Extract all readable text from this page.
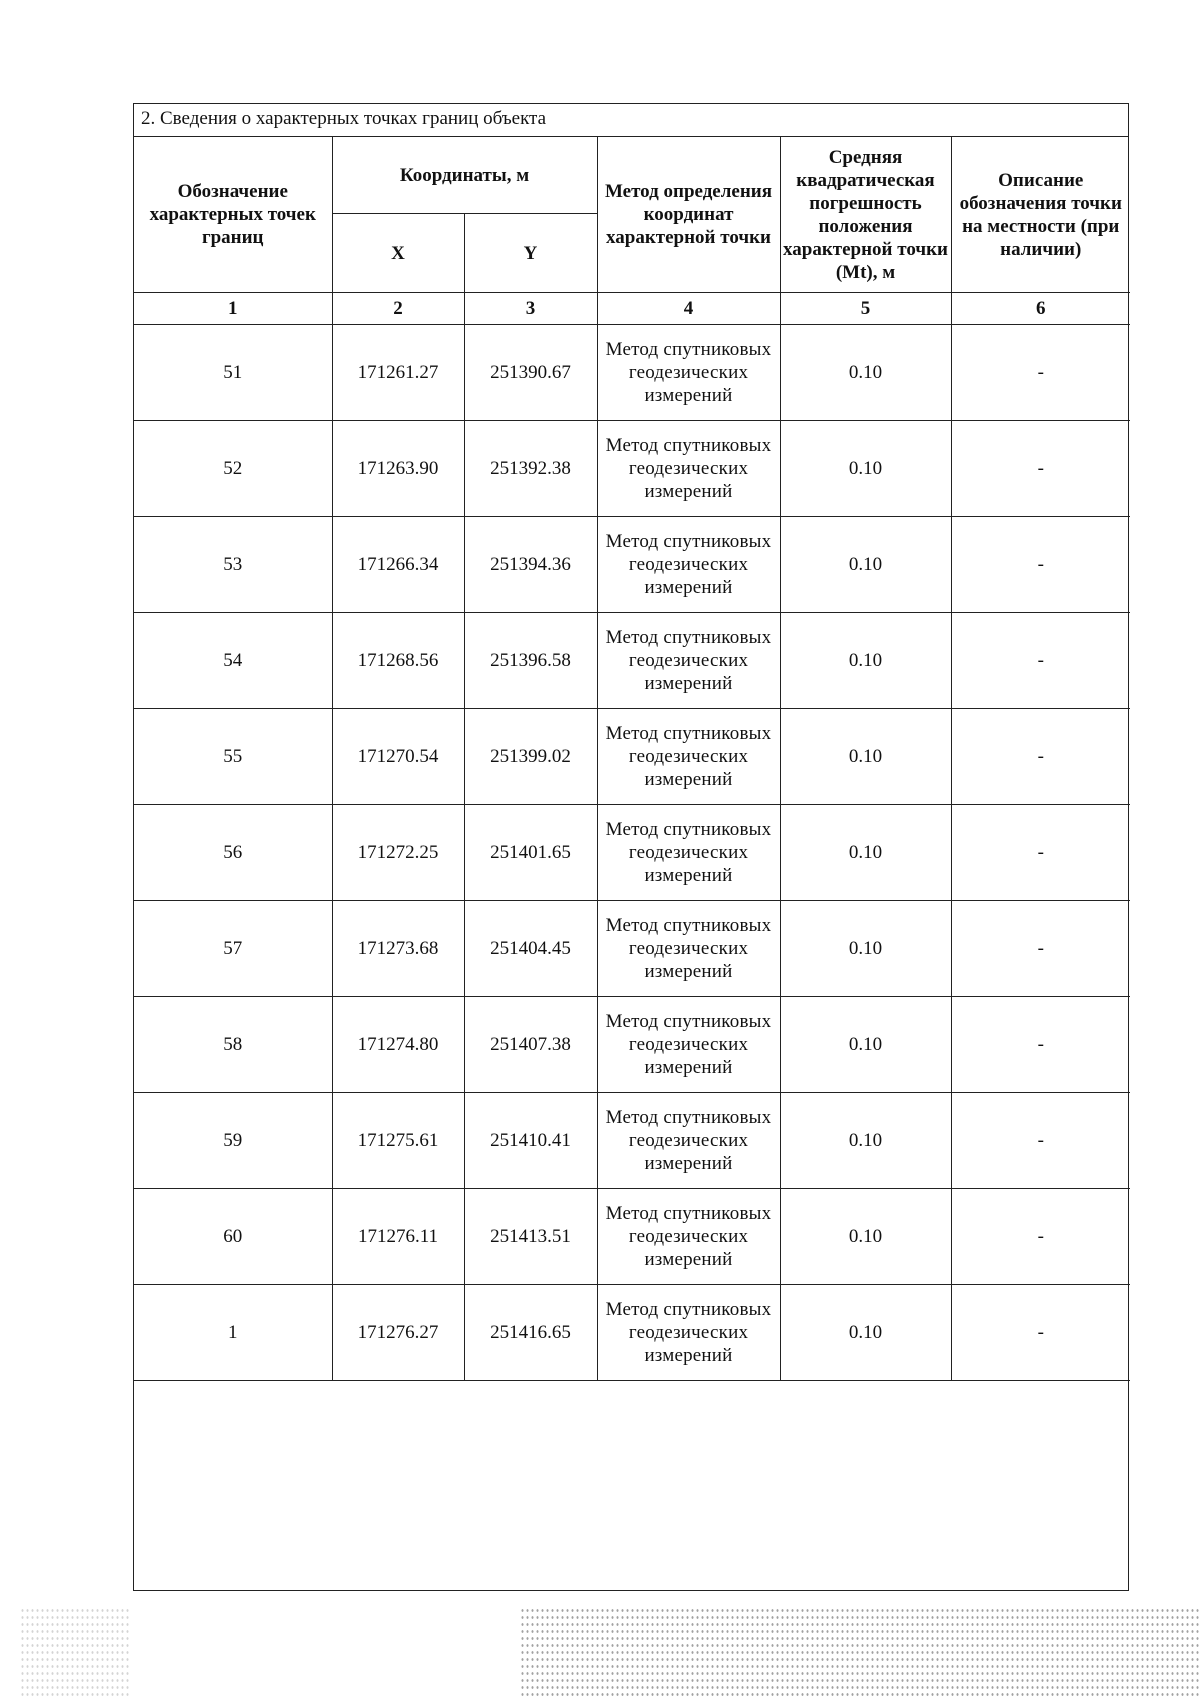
2. Сведения о характерных точках границ объекта
Обозначение характерных точек границ	Координаты, м		Метод определения координат характерной точки	Средняя квадратическая погрешность положения характерной точки (Mt), м	Описание обозначения точки на местности (при наличии)
	X	Y			
1	2	3	4	5	6
51	171261.27	251390.67	Метод спутниковых геодезических измерений	0.10	-
52	171263.90	251392.38	Метод спутниковых геодезических измерений	0.10	-
53	171266.34	251394.36	Метод спутниковых геодезических измерений	0.10	-
54	171268.56	251396.58	Метод спутниковых геодезических измерений	0.10	-
55	171270.54	251399.02	Метод спутниковых геодезических измерений	0.10	-
56	171272.25	251401.65	Метод спутниковых геодезических измерений	0.10	-
57	171273.68	251404.45	Метод спутниковых геодезических измерений	0.10	-
58	171274.80	251407.38	Метод спутниковых геодезических измерений	0.10	-
59	171275.61	251410.41	Метод спутниковых геодезических измерений	0.10	-
60	171276.11	251413.51	Метод спутниковых геодезических измерений	0.10	-
1	171276.27	251416.65	Метод спутниковых геодезических измерений	0.10	-
